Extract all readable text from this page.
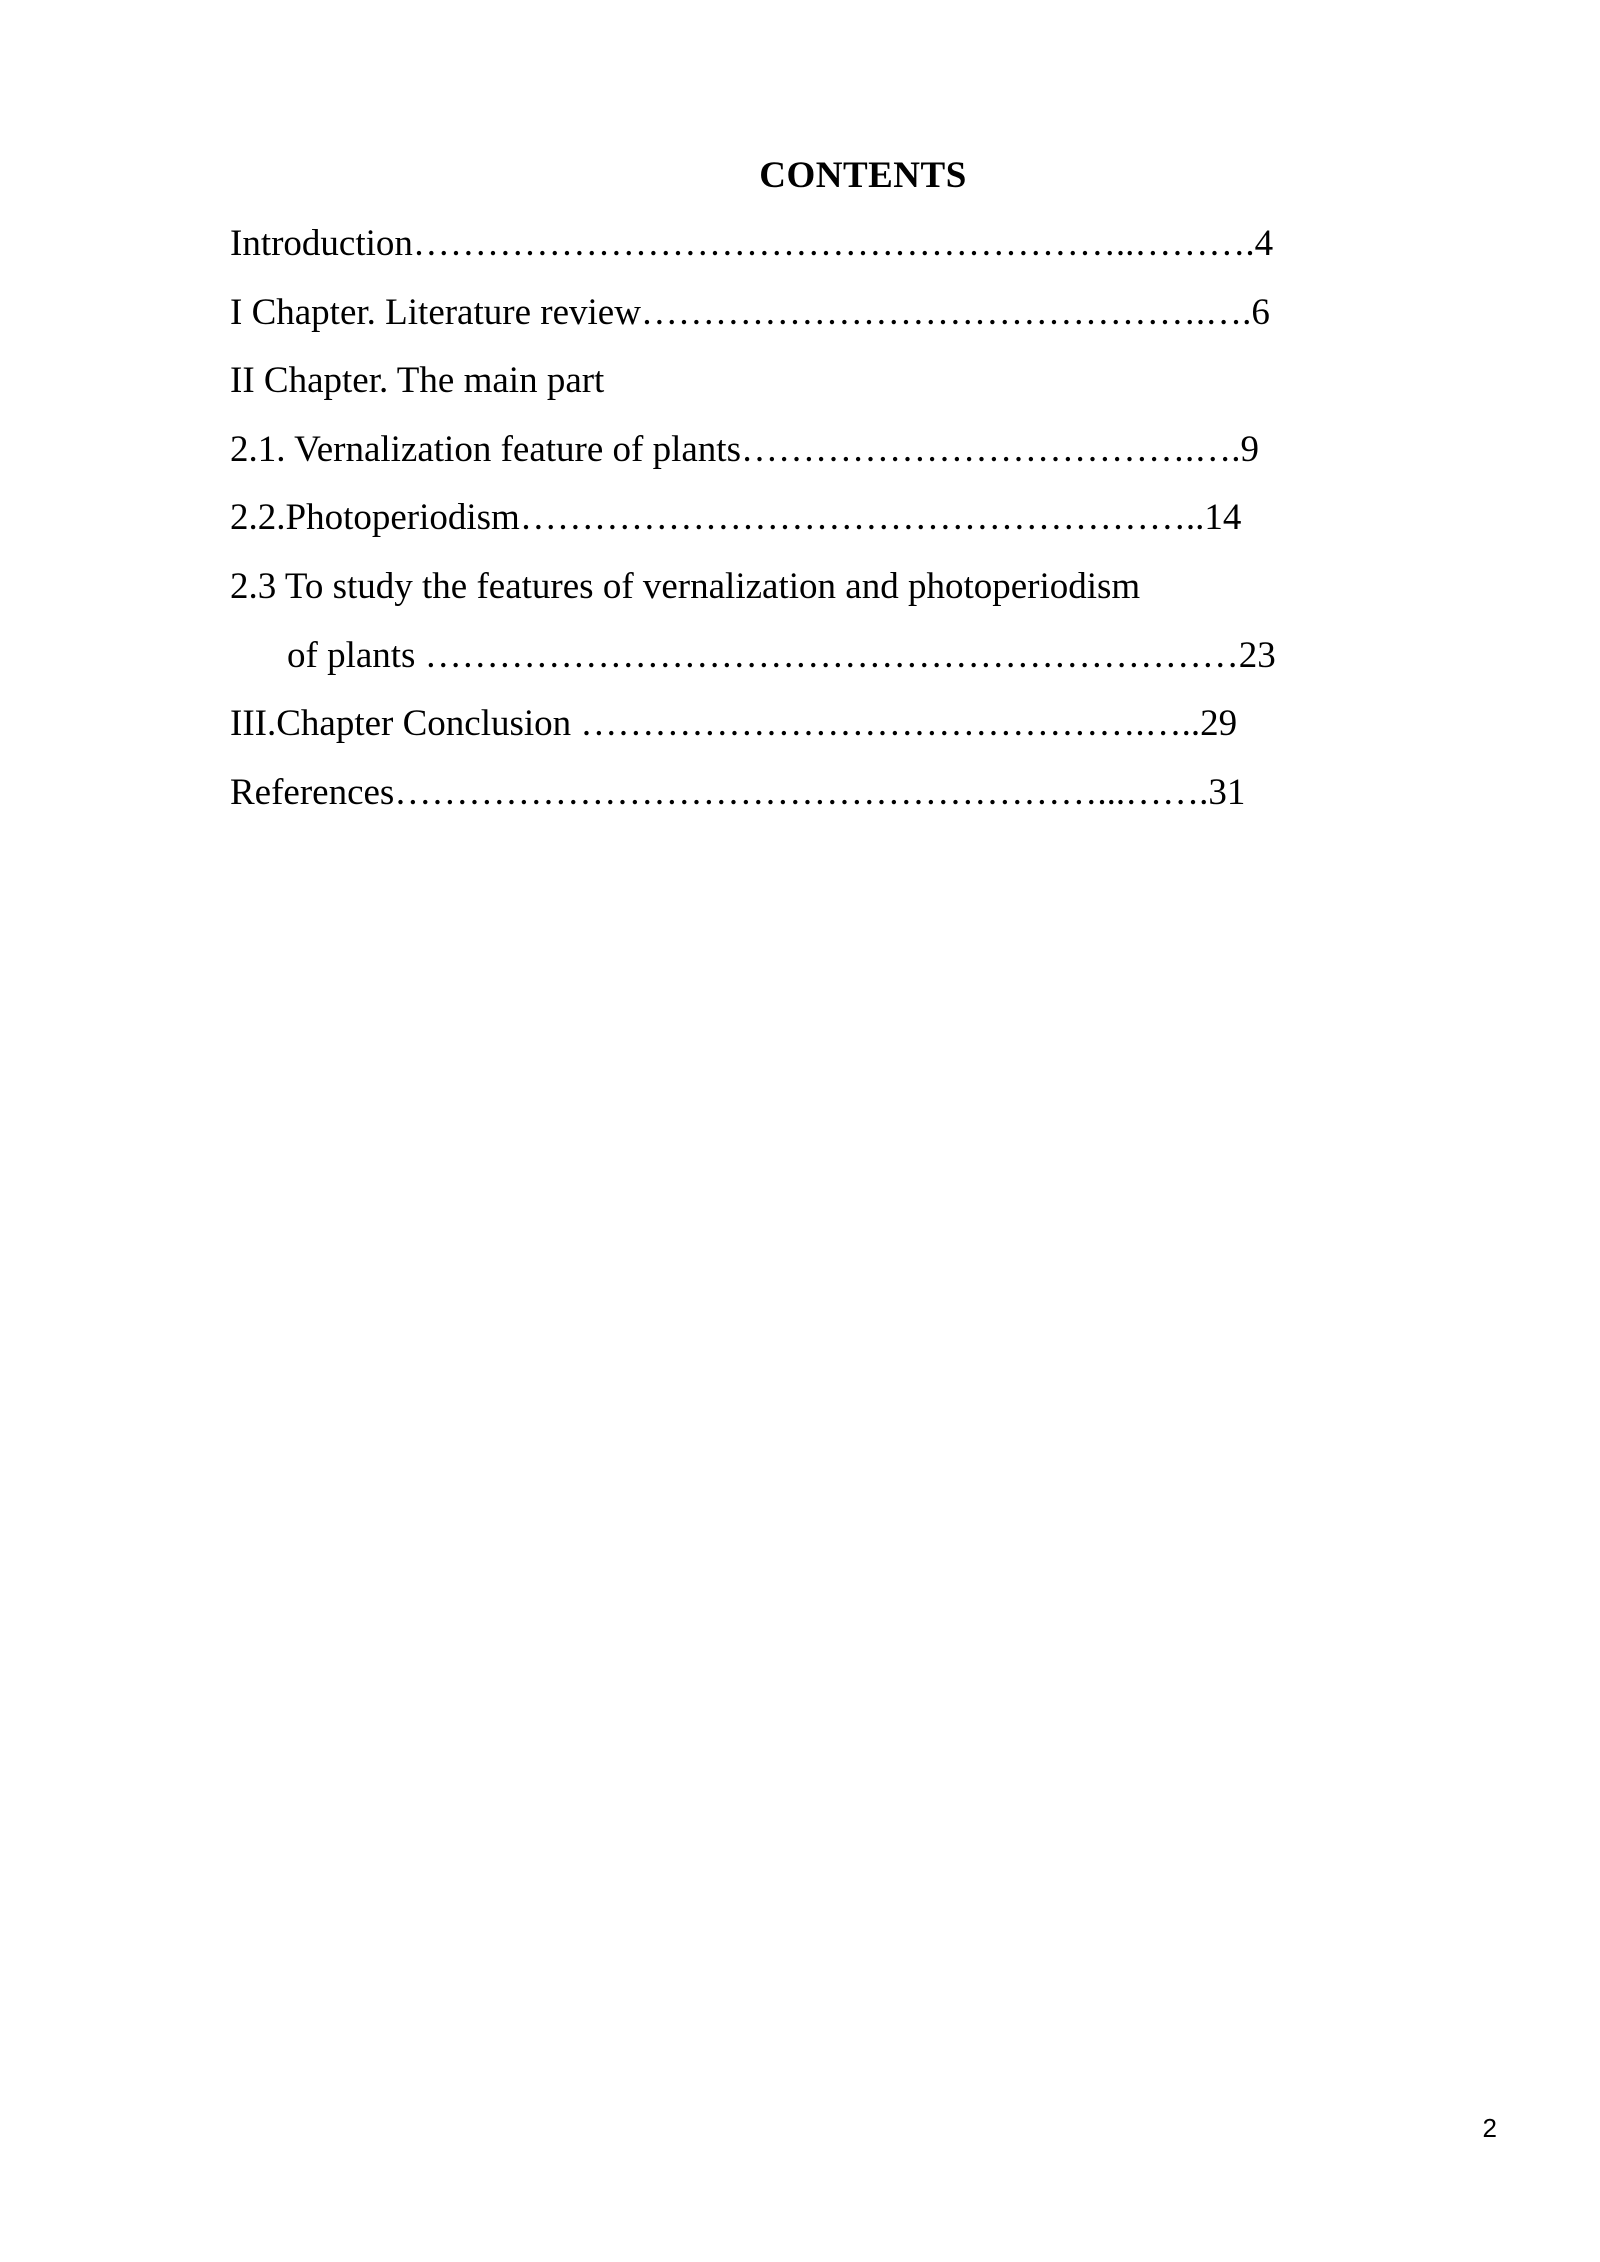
CONTENTS
Introduction…………………………………………………..……….4
I Chapter. Literature review……………………………………….….6
II Chapter. The main part
2.1. Vernalization feature of plants……………………………….….9
2.2.Photoperiodism………………………………………………..14
2.3 To study the features of vernalization and photoperiodism
of plants …………………………………………………………23
III.Chapter Conclusion ……………………………………….…..29
References…………………………………………………...…….31
2
